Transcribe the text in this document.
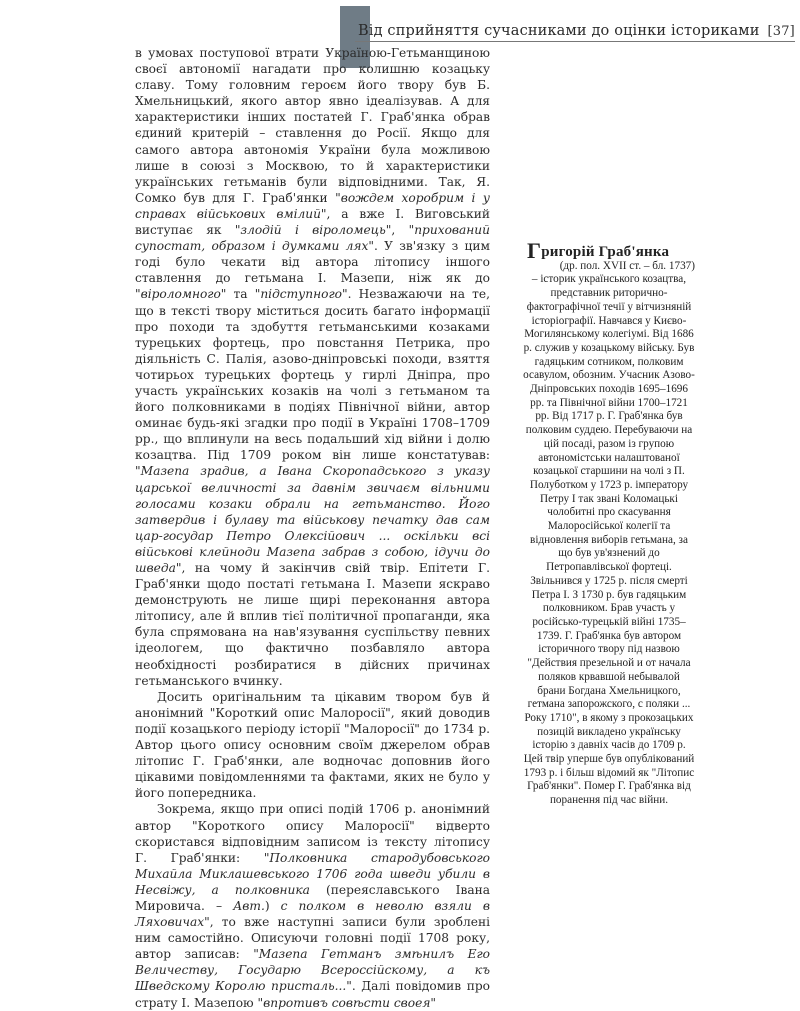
Від сприйняття сучасниками до оцінки істориками [37]

в умовах поступової втрати Україною-Гетьманщиною своєї автономії нагадати про колишню козацьку славу. Тому головним героєм його твору був Б. Хмельницький, якого автор явно ідеалізував. А для характеристики інших постатей Г. Граб'янка обрав єдиний критерій – ставлення до Росії. Якщо для самого автора автономія України була можливою лише в союзі з Москвою, то й характеристики українських гетьманів були відповідними. Так, Я. Сомко був для Г. Граб'янки "вождем хоробрим і у справах військових вмілий", а вже І. Виговський виступає як "злодій і віроломець", "прихований супостат, образом і думками лях". У зв'язку з цим годі було чекати від автора літопису іншого ставлення до гетьмана І. Мазепи, ніж як до "віроломного" та "підступного". Незважаючи на те, що в тексті твору міститься досить багато інформації про походи та здобуття гетьманськими козаками турецьких фортець, про повстання Петрика, про діяльність С. Палія, азово-дніпровські походи, взяття чотирьох турецьких фортець у гирлі Дніпра, про участь українських козаків на чолі з гетьманом та його полковниками в подіях Північної війни, автор оминає будь-які згадки про події в Україні 1708–1709 рр., що вплинули на весь подальший хід війни і долю козацтва. Під 1709 роком він лише констатував: "Мазепа зрадив, а Івана Скоропадського з указу царської величності за давнім звичаєм вільними голосами козаки обрали на гетьманство. Його затвердив і булаву та військову печатку дав сам цар-государ Петро Олексійович ... оскільки всі військові клейноди Мазепа забрав з собою, ідучи до шведа", на чому й закінчив свій твір. Епітети Г. Граб'янки щодо постаті гетьмана І. Мазепи яскраво демонструють не лише щирі переконання автора літопису, але й вплив тієї політичної пропаганди, яка була спрямована на нав'язування суспільству певних ідеологем, що фактично позбавляло автора необхідності розбиратися в дійсних причинах гетьманського вчинку.

Досить оригінальним та цікавим твором був й анонімний "Короткий опис Малоросії", який доводив події козацького періоду історії "Малоросії" до 1734 р. Автор цього опису основним своїм джерелом обрав літопис Г. Граб'янки, але водночас доповнив його цікавими повідомленнями та фактами, яких не було у його попередника.

Зокрема, якщо при описі подій 1706 р. анонімний автор "Короткого опису Малоросії" відверто скористався відповідним записом із тексту літопису Г. Граб'янки: "Полковника стародубовського Михайла Миклашевського 1706 года шведи убили в Несвіжу, а полковника (переяславського Івана Мировича. – Авт.) с полком в неволю взяли в Ляховичах", то вже наступні записи були зроблені ним самостійно. Описуючи головні події 1708 року, автор записав: "Мазепа Гетманъ змѣнилъ Его Величеству, Государю Всероссійскому, а къ Шведскому Королю присталь...". Далі повідомив про страту І. Мазепою "впротивъ совѣсти своея"

Григорій Граб'янка
(др. пол. XVII ст. – бл. 1737)
– історик українського козацтва, представник риторично-фактографічної течії у вітчизняній історіографії. Навчався у Києво-Могилянському колегіумі. Від 1686 р. служив у козацькому війську. Був гадяцьким сотником, полковим осавулом, обозним. Учасник Азово-Дніпровських походів 1695–1696 рр. та Північної війни 1700–1721 рр. Від 1717 р. Г. Граб'янка був полковим суддею. Перебуваючи на цій посаді, разом із групою автономістськи налаштованої козацької старшини на чолі з П. Полуботком у 1723 р. імператору Петру І так звані Коломацькі чолобитні про скасування Малоросійської колегії та відновлення виборів гетьмана, за що був ув'язнений до Петропавлівської фортеці. Звільнився у 1725 р. після смерті Петра І. З 1730 р. був гадяцьким полковником. Брав участь у російсько-турецькій війні 1735–1739. Г. Граб'янка був автором історичного твору під назвою "Действия презельной и от начала поляков крвавшой небывалой брани Богдана Хмельницкого, гетмана запорожского, с поляки ... Року 1710", в якому з прокозацьких позицій викладено українську історію з давніх часів до 1709 р. Цей твір уперше був опублікований 1793 р. і більш відомий як "Літопис Граб'янки". Помер Г. Граб'янка від поранення під час війни.
